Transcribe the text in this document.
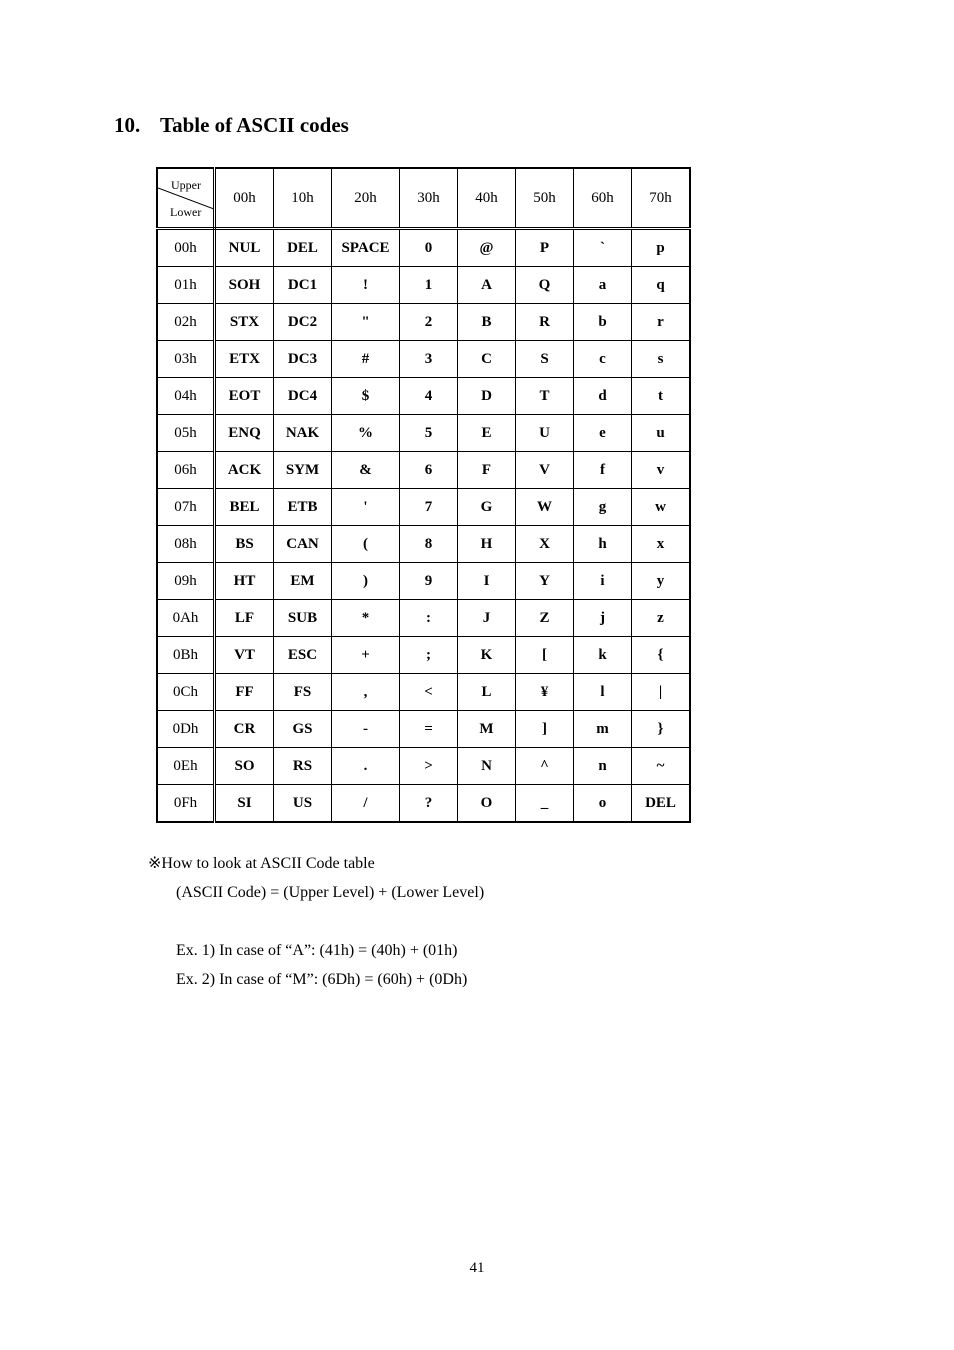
10. Table of ASCII codes
Upper
Lower	00h	10h	20h	30h	40h	50h	60h	70h
00h	NUL	DEL	SPACE	0	@	P	`	p
01h	SOH	DC1	!	1	A	Q	a	q
02h	STX	DC2	"	2	B	R	b	r
03h	ETX	DC3	#	3	C	S	c	s
04h	EOT	DC4	$	4	D	T	d	t
05h	ENQ	NAK	%	5	E	U	e	u
06h	ACK	SYM	&	6	F	V	f	v
07h	BEL	ETB	'	7	G	W	g	w
08h	BS	CAN	(	8	H	X	h	x
09h	HT	EM	)	9	I	Y	i	y
0Ah	LF	SUB	*	:	J	Z	j	z
0Bh	VT	ESC	+	;	K	[	k	{
0Ch	FF	FS	,	<	L	¥	l	|
0Dh	CR	GS	-	=	M	]	m	}
0Eh	SO	RS	.	>	N	^	n	~
0Fh	SI	US	/	?	O	_	o	DEL
※How to look at ASCII Code table
(ASCII Code) = (Upper Level) + (Lower Level)
Ex. 1) In case of “A”: (41h) = (40h) + (01h)
Ex. 2) In case of “M”: (6Dh) = (60h) + (0Dh)
41
